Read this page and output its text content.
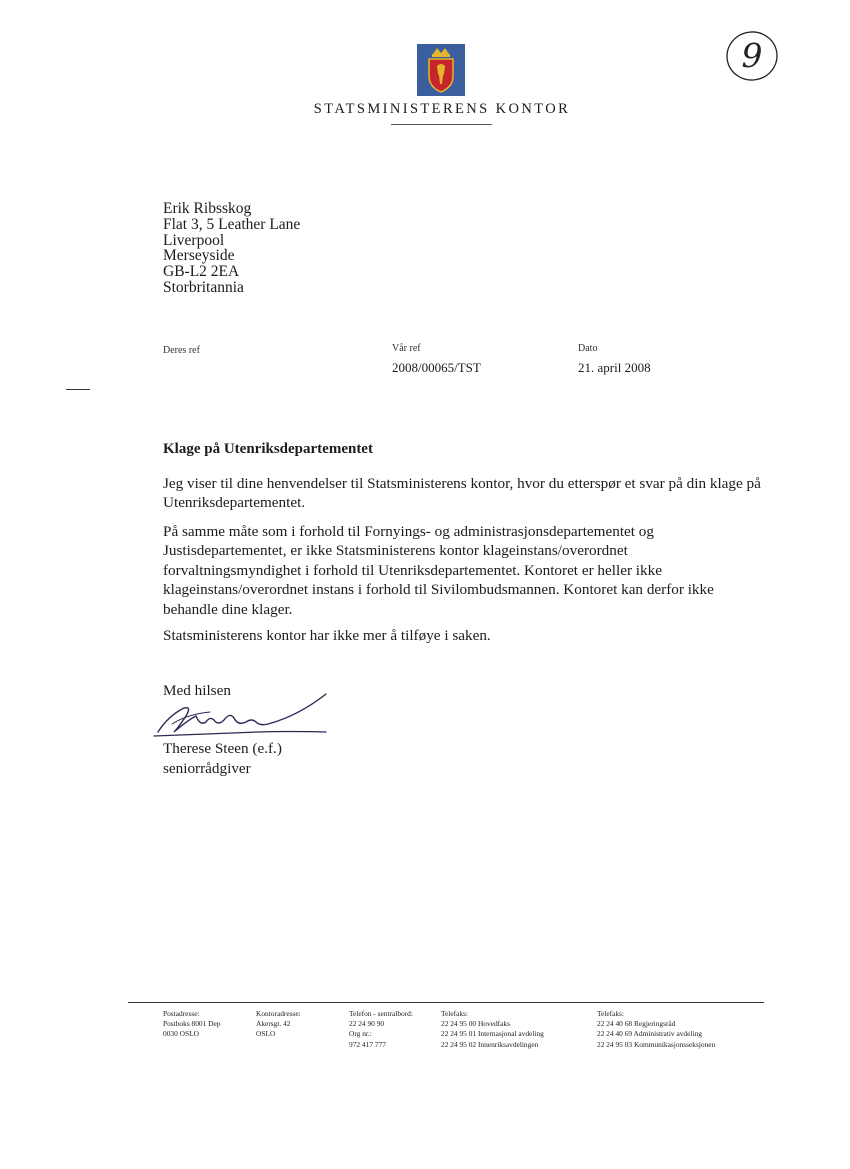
STATSMINISTERENS KONTOR
9
Erik Ribsskog
Flat 3, 5 Leather Lane
Liverpool
Merseyside
GB-L2 2EA
Storbritannia
Deres ref	Vår ref
2008/00065/TST
Dato
21. april 2008
Klage på Utenriksdepartementet

Jeg viser til dine henvendelser til Statsministerens kontor, hvor du etterspør et svar på din klage på Utenriksdepartementet.

På samme måte som i forhold til Fornyings- og administrasjonsdepartementet og Justisdepartementet, er ikke Statsministerens kontor klageinstans/overordnet forvaltningsmyndighet i forhold til Utenriksdepartementet. Kontoret er heller ikke klageinstans/overordnet instans i forhold til Sivilombudsmannen. Kontoret kan derfor ikke behandle dine klager.

Statsministerens kontor har ikke mer å tilføye i saken.

Med hilsen
Therese Steen (e.f.)
seniorrådgiver
Postadresse:
Postboks 8001 Dep
0030 OSLO
Kontoradresse:
Akersgt. 42
OSLO
Telefon - sentralbord:
22 24 90 90
Org nr.:
972 417 777
Telefaks:
22 24 95 00 Hovedfaks
22 24 95 01 Internasjonal avdeling
22 24 95 02 Innenriksavdelingen
Telefaks:
22 24 40 68 Regjeringsråd
22 24 40 69 Administrativ avdeling
22 24 95 03 Kommunikasjonsseksjonen
